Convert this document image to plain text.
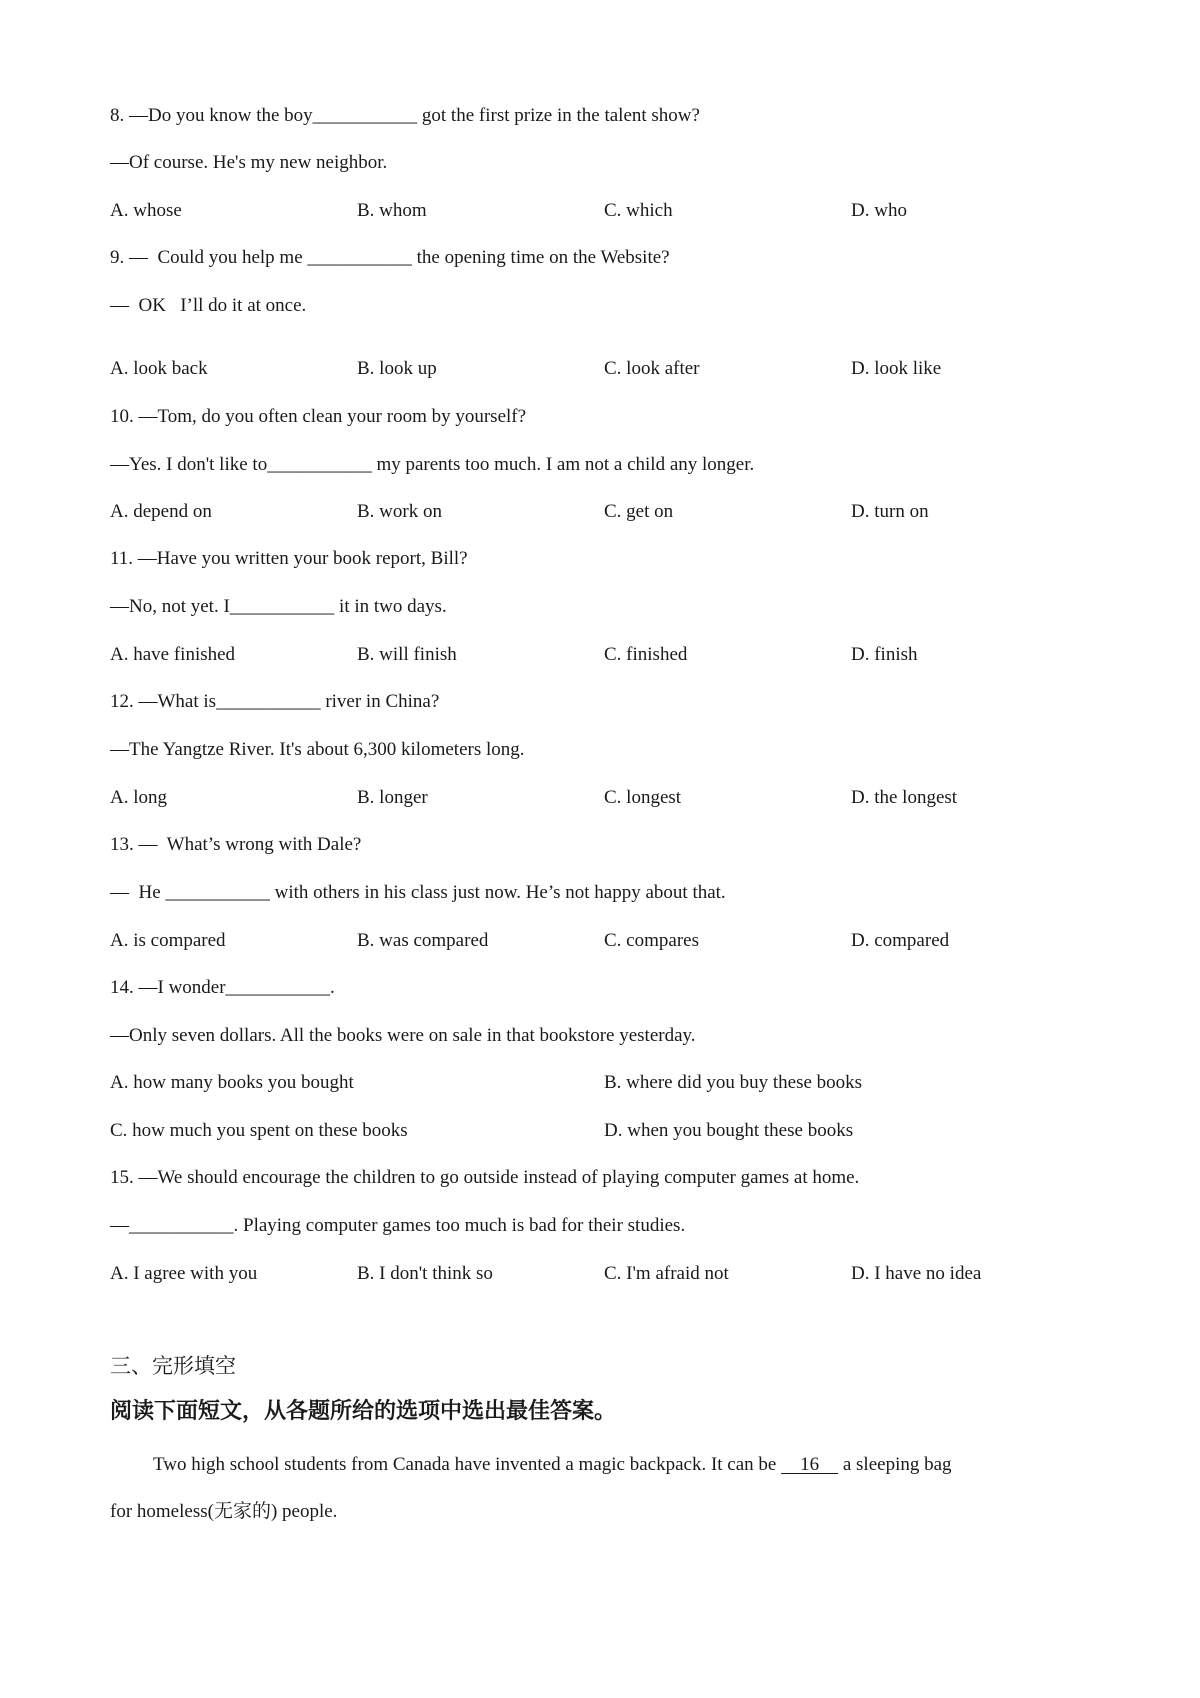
8. —Do you know the boy___________ got the first prize in the talent show?
—Of course. He's my new neighbor.

A. whose

	B. whom

	C. which

	D. who

9. —  Could you help me ___________ the opening time on the Website?
—  OK   I’ll do it at once.

A. look back

	B. look up

	C. look after

	D. look like

10. —Tom, do you often clean your room by yourself?
—Yes. I don't like to___________ my parents too much. I am not a child any longer.

A. depend on

	B. work on

	C. get on

	D. turn on

11. —Have you written your book report, Bill?
—No, not yet. I___________ it in two days.

A. have finished

	B. will finish

	C. finished

	D. finish

12. —What is___________ river in China?
—The Yangtze River. It's about 6,300 kilometers long.

A. long

	B. longer

	C. longest

	D. the longest

13. —  What’s wrong with Dale?
—  He ___________ with others in his class just now. He’s not happy about that.

A. is compared

	B. was compared

	C. compares

	D. compared

14. —I wonder___________.
—Only seven dollars. All the books were on sale in that bookstore yesterday.

A. how many books you bought

	B. where did you buy these books

C. how much you spent on these books

	D. when you bought these books

15. —We should encourage the children to go outside instead of playing computer games at home.
—___________. Playing computer games too much is bad for their studies.

A. I agree with you

	B. I don't think so

	C. I'm afraid not

	D. I have no idea

三、完形填空
阅读下面短文，从各题所给的选项中选出最佳答案。
Two high school students from Canada have invented a magic backpack. It can be     16     a sleeping bag
for homeless(无家的) people.
